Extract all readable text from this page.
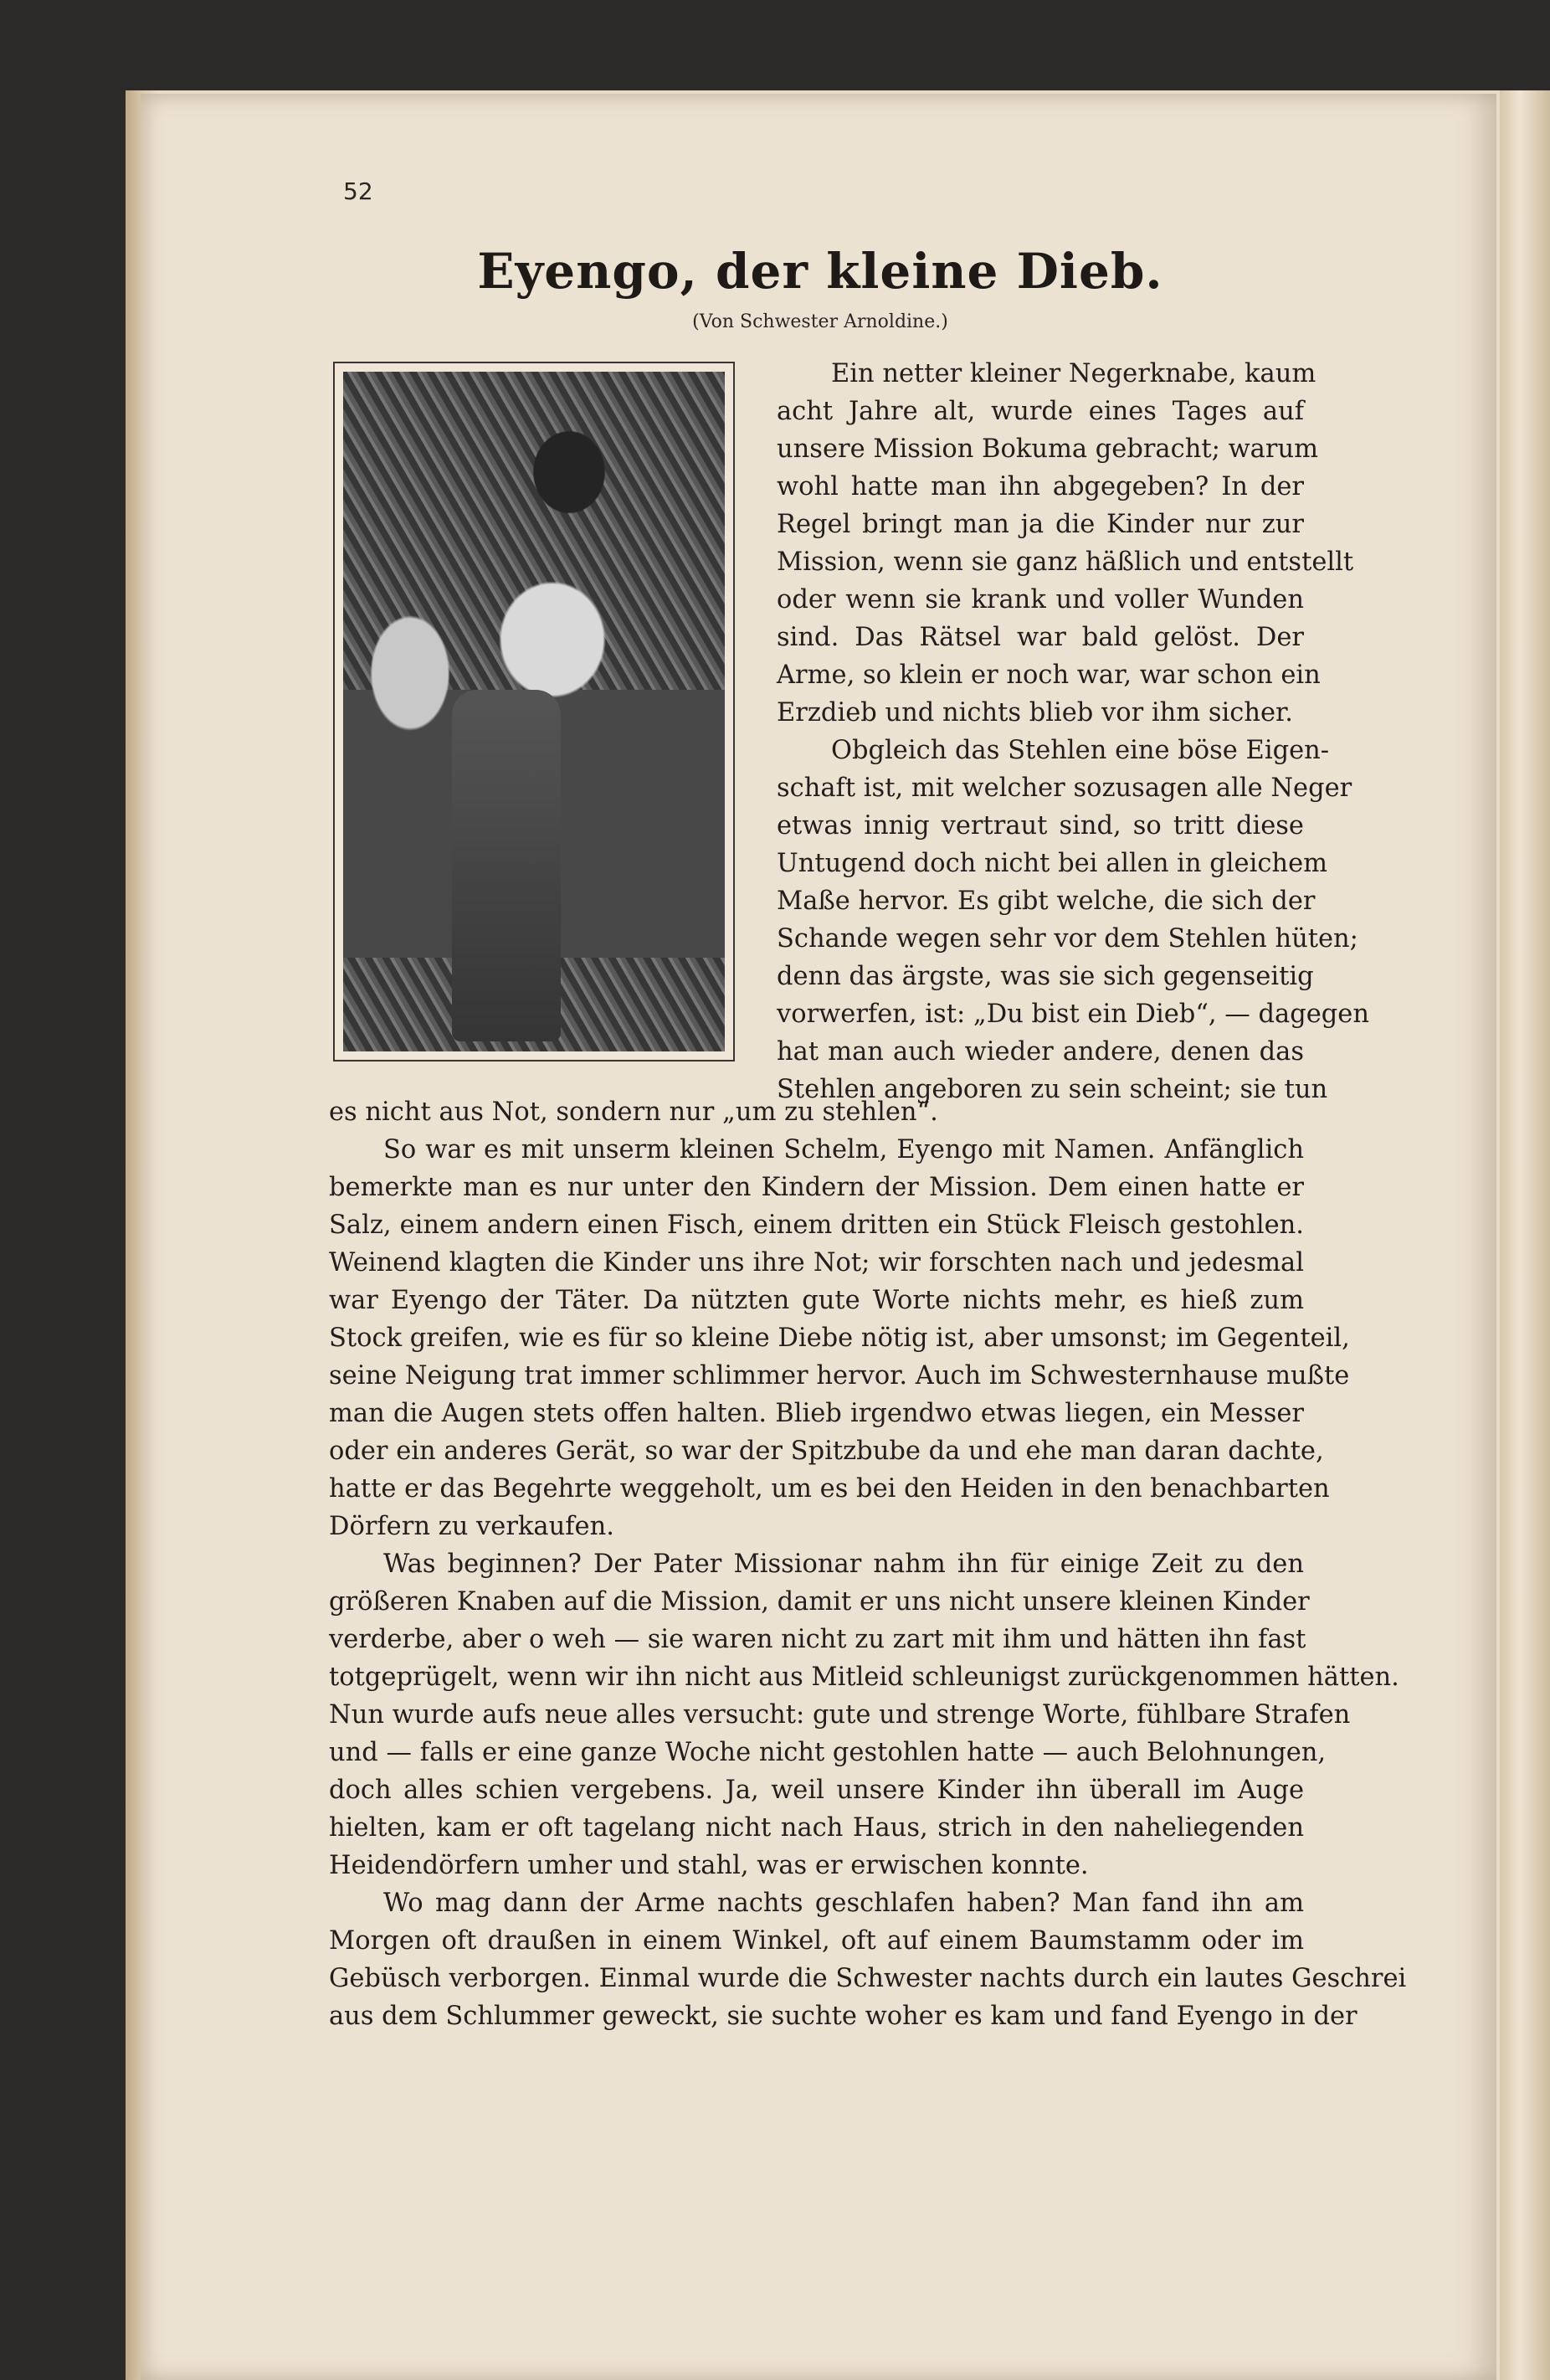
52
Eyengo, der kleine Dieb.
(Von Schwester Arnoldine.)
Ein netter kleiner Negerknabe, kaum
acht Jahre alt, wurde eines Tages auf
unsere Mission Bokuma gebracht; warum
wohl hatte man ihn abgegeben? In der
Regel bringt man ja die Kinder nur zur
Mission, wenn sie ganz häßlich und entstellt
oder wenn sie krank und voller Wunden
sind. Das Rätsel war bald gelöst. Der
Arme, so klein er noch war, war schon ein
Erzdieb und nichts blieb vor ihm sicher.
Obgleich das Stehlen eine böse Eigen-
schaft ist, mit welcher sozusagen alle Neger
etwas innig vertraut sind, so tritt diese
Untugend doch nicht bei allen in gleichem
Maße hervor. Es gibt welche, die sich der
Schande wegen sehr vor dem Stehlen hüten;
denn das ärgste, was sie sich gegenseitig
vorwerfen, ist: „Du bist ein Dieb“, — dagegen
hat man auch wieder andere, denen das
Stehlen angeboren zu sein scheint; sie tun
es nicht aus Not, sondern nur „um zu stehlen“.
So war es mit unserm kleinen Schelm, Eyengo mit Namen. Anfänglich
bemerkte man es nur unter den Kindern der Mission. Dem einen hatte er
Salz, einem andern einen Fisch, einem dritten ein Stück Fleisch gestohlen.
Weinend klagten die Kinder uns ihre Not; wir forschten nach und jedesmal
war Eyengo der Täter. Da nützten gute Worte nichts mehr, es hieß zum
Stock greifen, wie es für so kleine Diebe nötig ist, aber umsonst; im Gegenteil,
seine Neigung trat immer schlimmer hervor. Auch im Schwesternhause mußte
man die Augen stets offen halten. Blieb irgendwo etwas liegen, ein Messer
oder ein anderes Gerät, so war der Spitzbube da und ehe man daran dachte,
hatte er das Begehrte weggeholt, um es bei den Heiden in den benachbarten
Dörfern zu verkaufen.
Was beginnen? Der Pater Missionar nahm ihn für einige Zeit zu den
größeren Knaben auf die Mission, damit er uns nicht unsere kleinen Kinder
verderbe, aber o weh — sie waren nicht zu zart mit ihm und hätten ihn fast
totgeprügelt, wenn wir ihn nicht aus Mitleid schleunigst zurückgenommen hätten.
Nun wurde aufs neue alles versucht: gute und strenge Worte, fühlbare Strafen
und — falls er eine ganze Woche nicht gestohlen hatte — auch Belohnungen,
doch alles schien vergebens. Ja, weil unsere Kinder ihn überall im Auge
hielten, kam er oft tagelang nicht nach Haus, strich in den naheliegenden
Heidendörfern umher und stahl, was er erwischen konnte.
Wo mag dann der Arme nachts geschlafen haben? Man fand ihn am
Morgen oft draußen in einem Winkel, oft auf einem Baumstamm oder im
Gebüsch verborgen. Einmal wurde die Schwester nachts durch ein lautes Geschrei
aus dem Schlummer geweckt, sie suchte woher es kam und fand Eyengo in der
